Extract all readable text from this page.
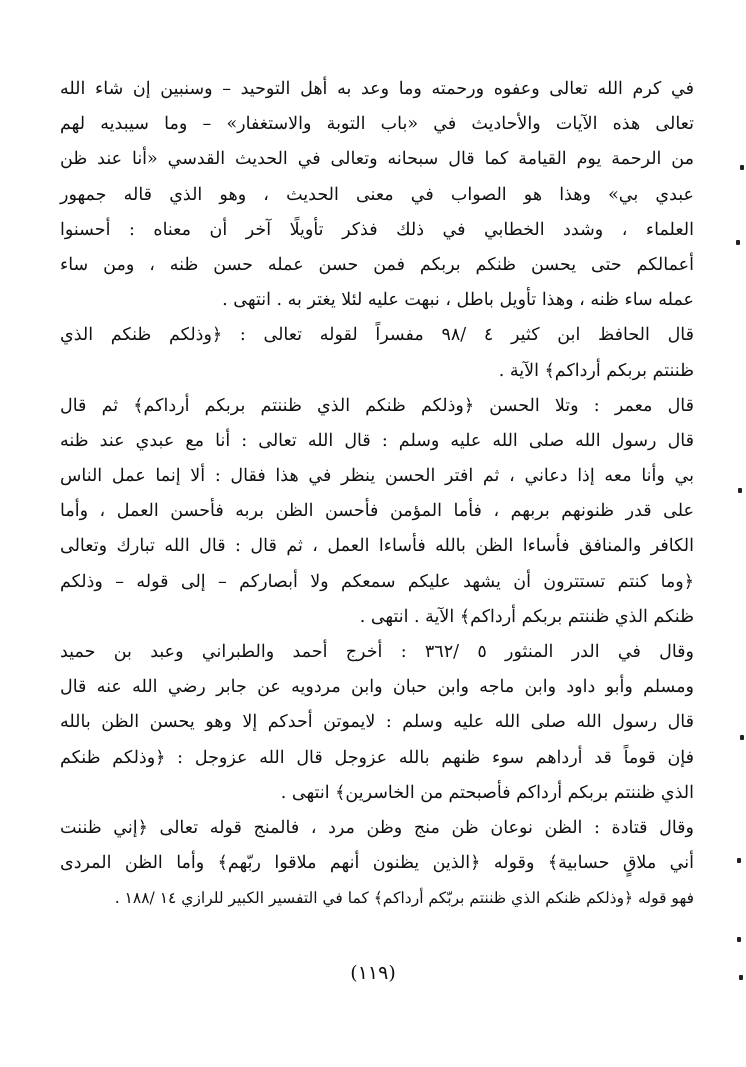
في كرم الله تعالى وعفوه ورحمته وما وعد به أهل التوحيد – وسنبين إن شاء الله
تعالى هذه الآيات والأحاديث في «باب التوبة والاستغفار» – وما سيبديه لهم
من الرحمة يوم القيامة كما قال سبحانه وتعالى في الحديث القدسي «أنا عند ظن
عبدي بي» وهذا هو الصواب في معنى الحديث ، وهو الذي قاله جمهور
العلماء ، وشدد الخطابي في ذلك فذكر تأويلًا آخر أن معناه : أحسنوا
أعمالكم حتى يحسن ظنكم بربكم فمن حسن عمله حسن ظنه ، ومن ساء
عمله ساء ظنه ، وهذا تأويل باطل ، نبهت عليه لئلا يغتر به . انتهى .
قال الحافظ ابن كثير ٤ /٩٨ مفسراً لقوله تعالى : ﴿وذلكم ظنكم الذي
ظننتم بربكم أرداكم﴾ الآية .
قال معمر : وتلا الحسن ﴿وذلكم ظنكم الذي ظننتم بربكم أرداكم﴾ ثم قال
قال رسول الله صلى الله عليه وسلم : قال الله تعالى : أنا مع عبدي عند ظنه
بي وأنا معه إذا دعاني ، ثم افتر الحسن ينظر في هذا فقال : ألا إنما عمل الناس
على قدر ظنونهم بربهم ، فأما المؤمن فأحسن الظن بربه فأحسن العمل ، وأما
الكافر والمنافق فأساءا الظن بالله فأساءا العمل ، ثم قال : قال الله تبارك وتعالى
﴿وما كنتم تستترون أن يشهد عليكم سمعكم ولا أبصاركم – إلى قوله – وذلكم
ظنكم الذي ظننتم بربكم أرداكم﴾ الآية . انتهى .
وقال في الدر المنثور ٥ /٣٦٢ : أخرج أحمد والطبراني وعبد بن حميد
ومسلم وأبو داود وابن ماجه وابن حبان وابن مردويه عن جابر رضي الله عنه قال
قال رسول الله صلى الله عليه وسلم : لايموتن أحدكم إلا وهو يحسن الظن بالله
فإن قوماً قد أرداهم سوء ظنهم بالله عزوجل قال الله عزوجل : ﴿وذلكم ظنكم
الذي ظننتم بربكم أرداكم فأصبحتم من الخاسرين﴾ انتهى .
وقال قتادة : الظن نوعان ظن منج وظن مرد ، فالمنج قوله تعالى ﴿إني ظننت
أني ملاقٍ حسابية﴾ وقوله ﴿الذين يظنون أنهم ملاقوا ربّهم﴾ وأما الظن المردى
فهو قوله ﴿وذلكم ظنكم الذي ظننتم بربّكم أرداكم﴾ كما في التفسير الكبير للرازي ١٤ /١٨٨ .
(١١٩)
